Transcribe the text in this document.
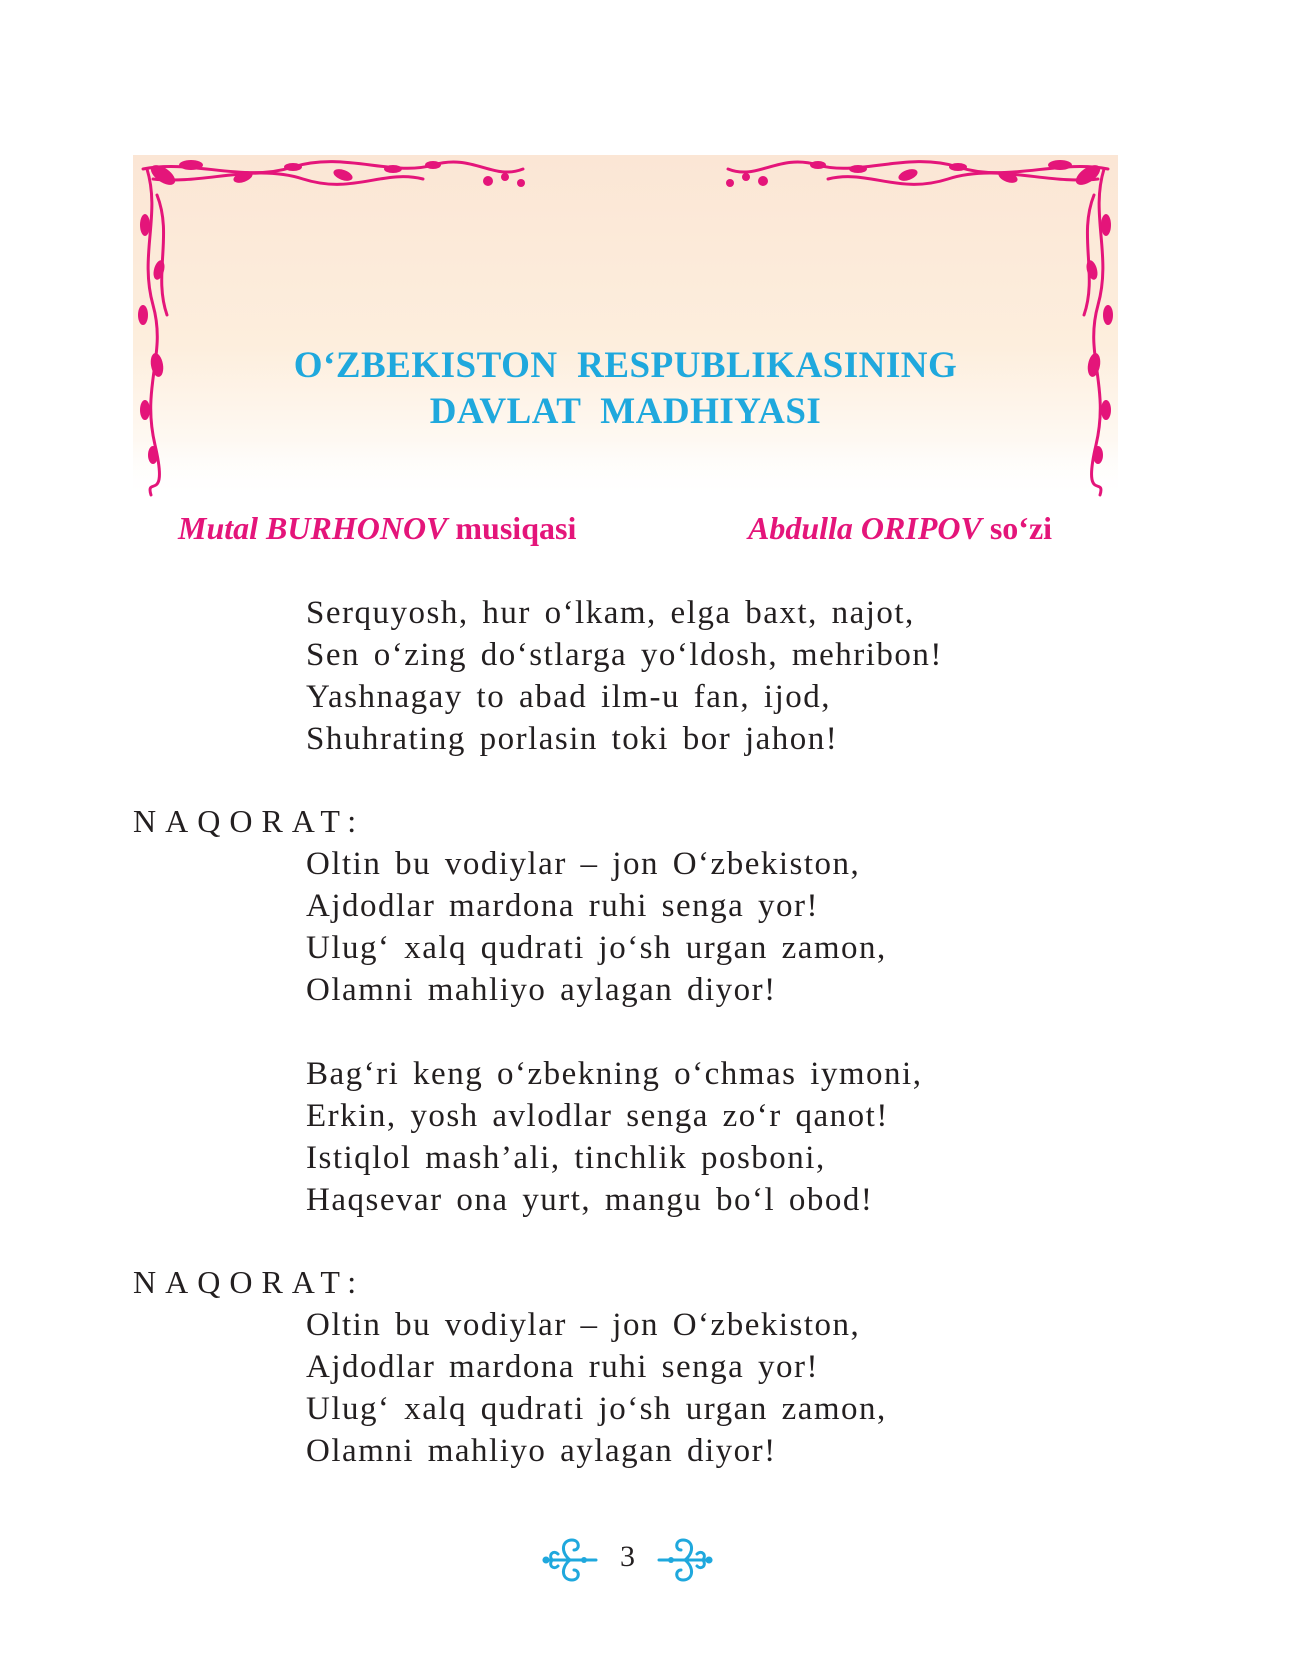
O‘ZBEKISTON  RESPUBLIKASINING
DAVLAT  MADHIYASI
Mutal BURHONOV musiqasi	Abdulla ORIPOV so‘zi
Serquyosh, hur o‘lkam, elga baxt, najot,
Sen o‘zing do‘stlarga yo‘ldosh, mehribon!
Yashnagay to abad ilm-u fan, ijod,
Shuhrating porlasin toki bor jahon!
NAQORAT:
Oltin bu vodiylar – jon O‘zbekiston,
Ajdodlar mardona ruhi senga yor!
Ulug‘ xalq qudrati jo‘sh urgan zamon,
Olamni mahliyo aylagan diyor!
Bag‘ri keng o‘zbekning o‘chmas iymoni,
Erkin, yosh avlodlar senga zo‘r qanot!
Istiqlol mash’ali, tinchlik posboni,
Haqsevar ona yurt, mangu bo‘l obod!
NAQORAT:
Oltin bu vodiylar – jon O‘zbekiston,
Ajdodlar mardona ruhi senga yor!
Ulug‘ xalq qudrati jo‘sh urgan zamon,
Olamni mahliyo aylagan diyor!
3
